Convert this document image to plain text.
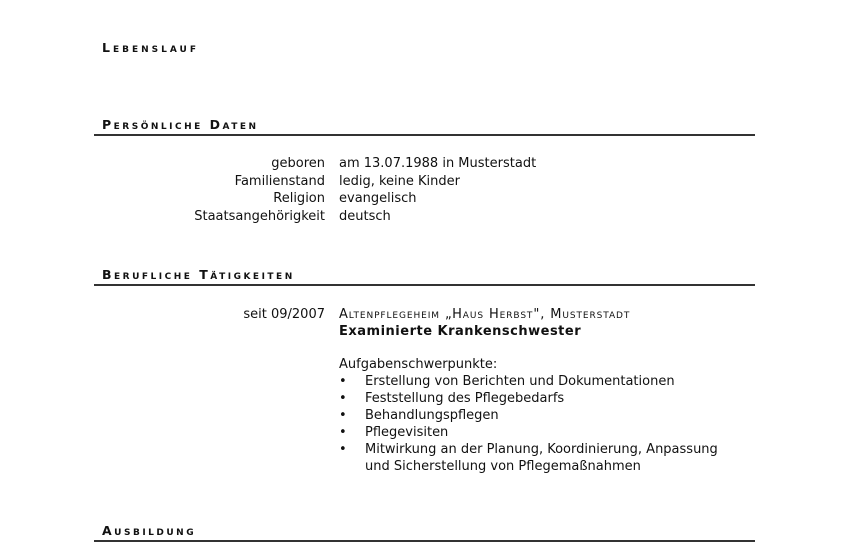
Lebenslauf
Persönliche Daten
geboren am 13.07.1988 in Musterstadt
Familienstand ledig, keine Kinder
Religion evangelisch
Staatsangehörigkeit deutsch
Berufliche Tätigkeiten
seit 09/2007 Altenpflegeheim „Haus Herbst", Musterstadt
Examinierte Krankenschwester
Aufgabenschwerpunkte:
• Erstellung von Berichten und Dokumentationen
• Feststellung des Pflegebedarfs
• Behandlungspflegen
• Pflegevisiten
• Mitwirkung an der Planung, Koordinierung, Anpassung und Sicherstellung von Pflegemaßnahmen
Ausbildung
